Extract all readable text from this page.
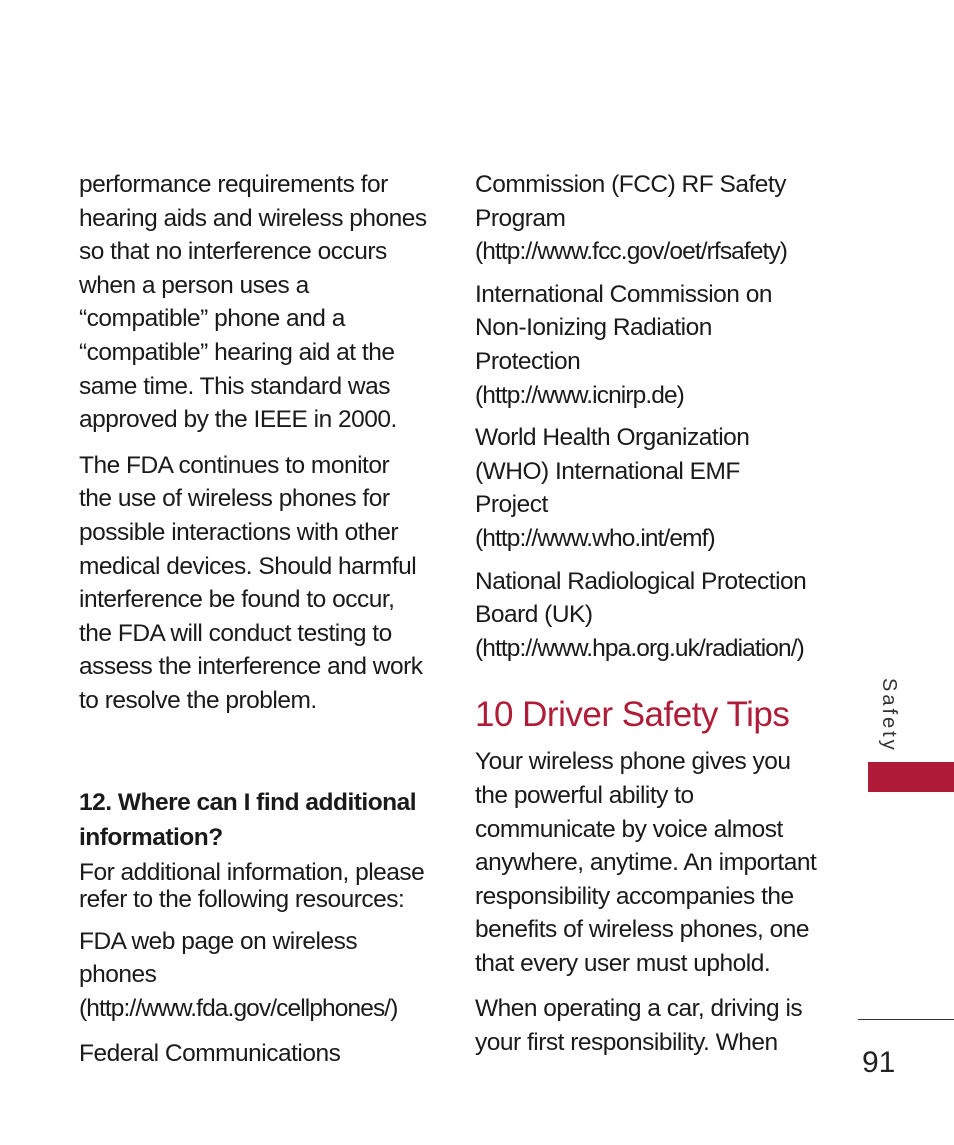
performance requirements for
hearing aids and wireless phones
so that no interference occurs
when a person uses a
“compatible” phone and a
“compatible” hearing aid at the
same time. This standard was
approved by the IEEE in 2000.

The FDA continues to monitor
the use of wireless phones for
possible interactions with other
medical devices. Should harmful
interference be found to occur,
the FDA will conduct testing to
assess the interference and work
to resolve the problem.

12. Where can I find additional
information?

For additional information, please
refer to the following resources:

FDA web page on wireless
phones
(http://www.fda.gov/cellphones/)

Federal Communications

Commission (FCC) RF Safety
Program
(http://www.fcc.gov/oet/rfsafety)

International Commission on
Non-Ionizing Radiation
Protection
(http://www.icnirp.de)

World Health Organization
(WHO) International EMF
Project
(http://www.who.int/emf)

National Radiological Protection
Board (UK)
(http://www.hpa.org.uk/radiation/)

10 Driver Safety Tips

Your wireless phone gives you
the powerful ability to
communicate by voice almost
anywhere, anytime. An important
responsibility accompanies the
benefits of wireless phones, one
that every user must uphold.

When operating a car, driving is
your first responsibility. When

Safety
91
